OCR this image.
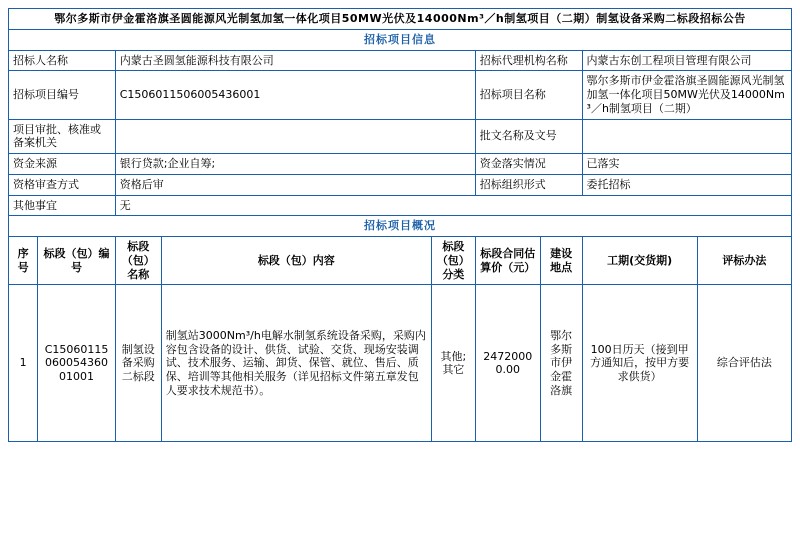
鄂尔多斯市伊金霍洛旗圣圆能源风光制氢加氢一体化项目50MW光伏及14000Nm³／h制氢项目（二期）制氢设备采购二标段招标公告								
招标项目信息								
招标人名称		内蒙古圣圆氢能源科技有限公司			招标代理机构名称		内蒙古东创工程项目管理有限公司	
招标项目编号		C1506011506005436001			招标项目名称		鄂尔多斯市伊金霍洛旗圣圆能源风光制氢加氢一体化项目50MW光伏及14000Nm³／h制氢项目（二期）	
项目审批、核准或备案机关					批文名称及文号			
资金来源		银行贷款;企业自筹;			资金落实情况		已落实	
资格审查方式		资格后审			招标组织形式		委托招标	
其他事宜		无						
招标项目概况								
序号	标段（包）编号	标段（包）名称	标段（包）内容	标段（包）分类	标段合同估算价（元）	建设地点	工期(交货期)	评标办法
1	C1506011506005436001001	制氢设备采购二标段	制氢站3000Nm³/h电解水制氢系统设备采购，采购内容包含设备的设计、供货、试验、交货、现场安装调试、技术服务、运输、卸货、保管、就位、售后、质保、培训等其他相关服务（详见招标文件第五章发包人要求技术规范书）。	其他;其它	24720000.00	鄂尔多斯市伊金霍洛旗	100日历天（接到甲方通知后，按甲方要求供货）	综合评估法
